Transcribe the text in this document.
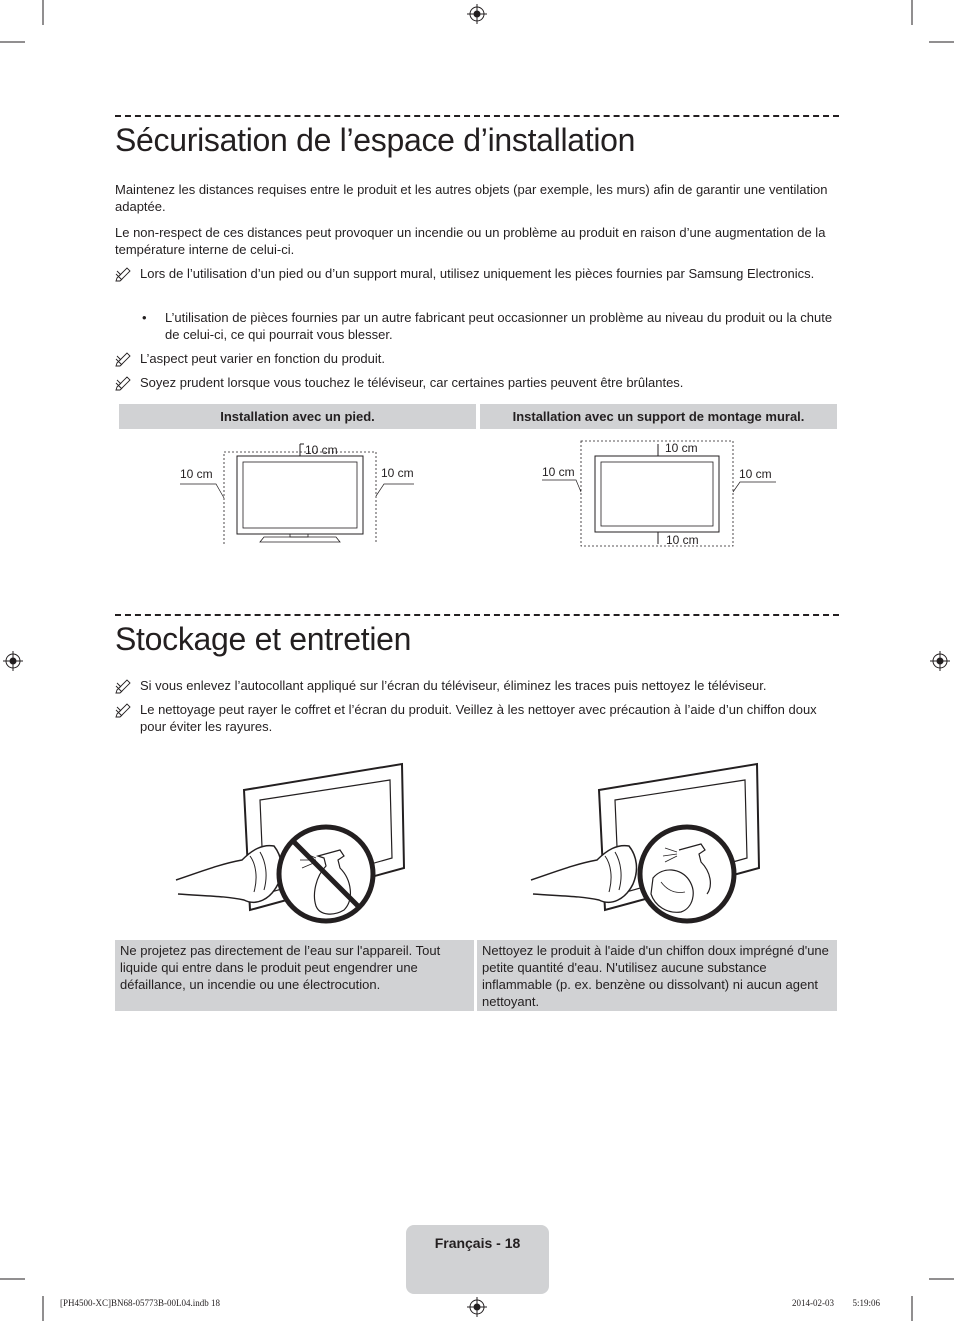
Sécurisation de l’espace d’installation
Maintenez les distances requises entre le produit et les autres objets (par exemple, les murs) afin de garantir une ventilation adaptée.
Le non-respect de ces distances peut provoquer un incendie ou un problème au produit en raison d’une augmentation de la température interne de celui-ci.
Lors de l’utilisation d’un pied ou d’un support mural, utilisez uniquement les pièces fournies par Samsung Electronics.
• L’utilisation de pièces fournies par un autre fabricant peut occasionner un problème au niveau du produit ou la chute de celui-ci, ce qui pourrait vous blesser.
L’aspect peut varier en fonction du produit.
Soyez prudent lorsque vous touchez le téléviseur, car certaines parties peuvent être brûlantes.
Installation avec un pied.	Installation avec un support de montage mural.
10 cm
10 cm	10 cm
10 cm
10 cm	10 cm
10 cm
Stockage et entretien
Si vous enlevez l’autocollant appliqué sur l’écran du téléviseur, éliminez les traces puis nettoyez le téléviseur.
Le nettoyage peut rayer le coffret et l’écran du produit. Veillez à les nettoyer avec précaution à l’aide d’un chiffon doux pour éviter les rayures.
Ne projetez pas directement de l’eau sur l'appareil. Tout liquide qui entre dans le produit peut engendrer une défaillance, un incendie ou une électrocution.
Nettoyez le produit à l'aide d'un chiffon doux imprégné d'une petite quantité d'eau. N'utilisez aucune substance inflammable (p. ex. benzène ou dissolvant) ni aucun agent nettoyant.
Français - 18
[PH4500-XC]BN68-05773B-00L04.indb 18	2014-02-03 ￿￿ 5:19:06
